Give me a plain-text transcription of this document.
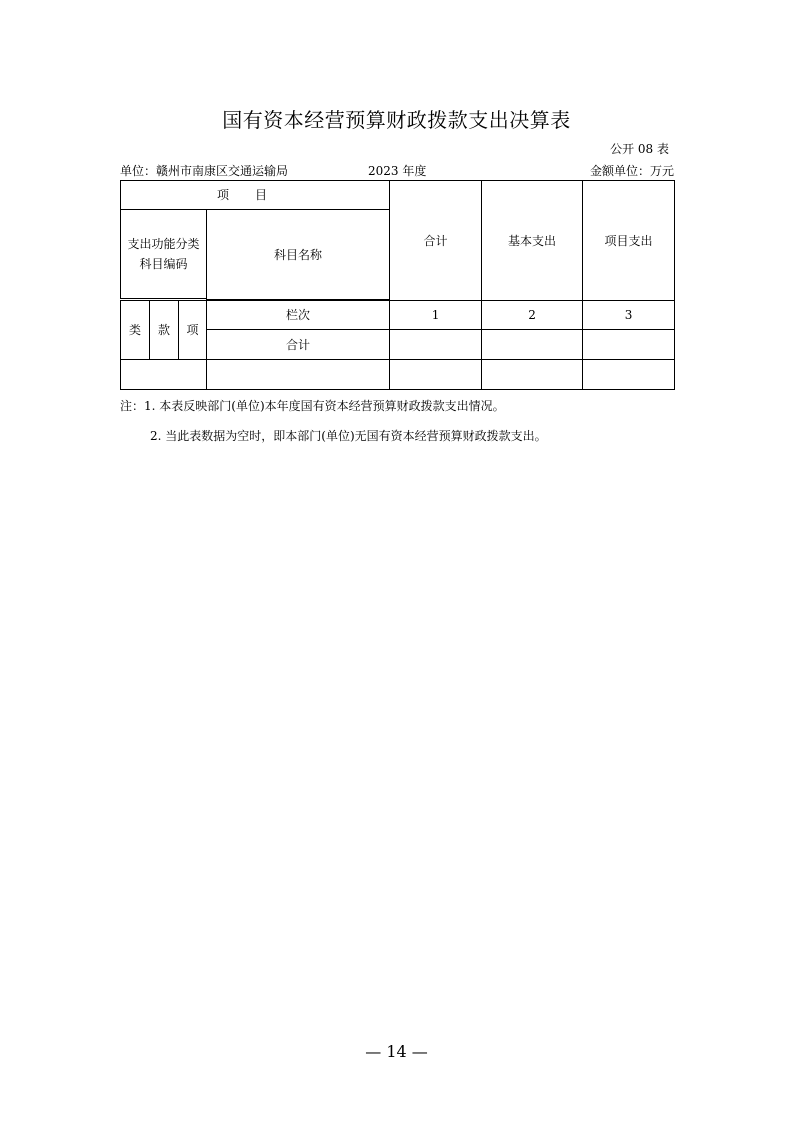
国有资本经营预算财政拨款支出决算表
公开 08 表
单位：赣州市南康区交通运输局	2023 年度	金额单位：万元
项目				合计	基本支出	项目支出

支出功能分类科目编码			科目名称			

类	款	项	栏次	1	2	3
			合计			

注：1. 本表反映部门(单位)本年度国有资本经营预算财政拨款支出情况。
2. 当此表数据为空时，即本部门(单位)无国有资本经营预算财政拨款支出。
— 14 —
